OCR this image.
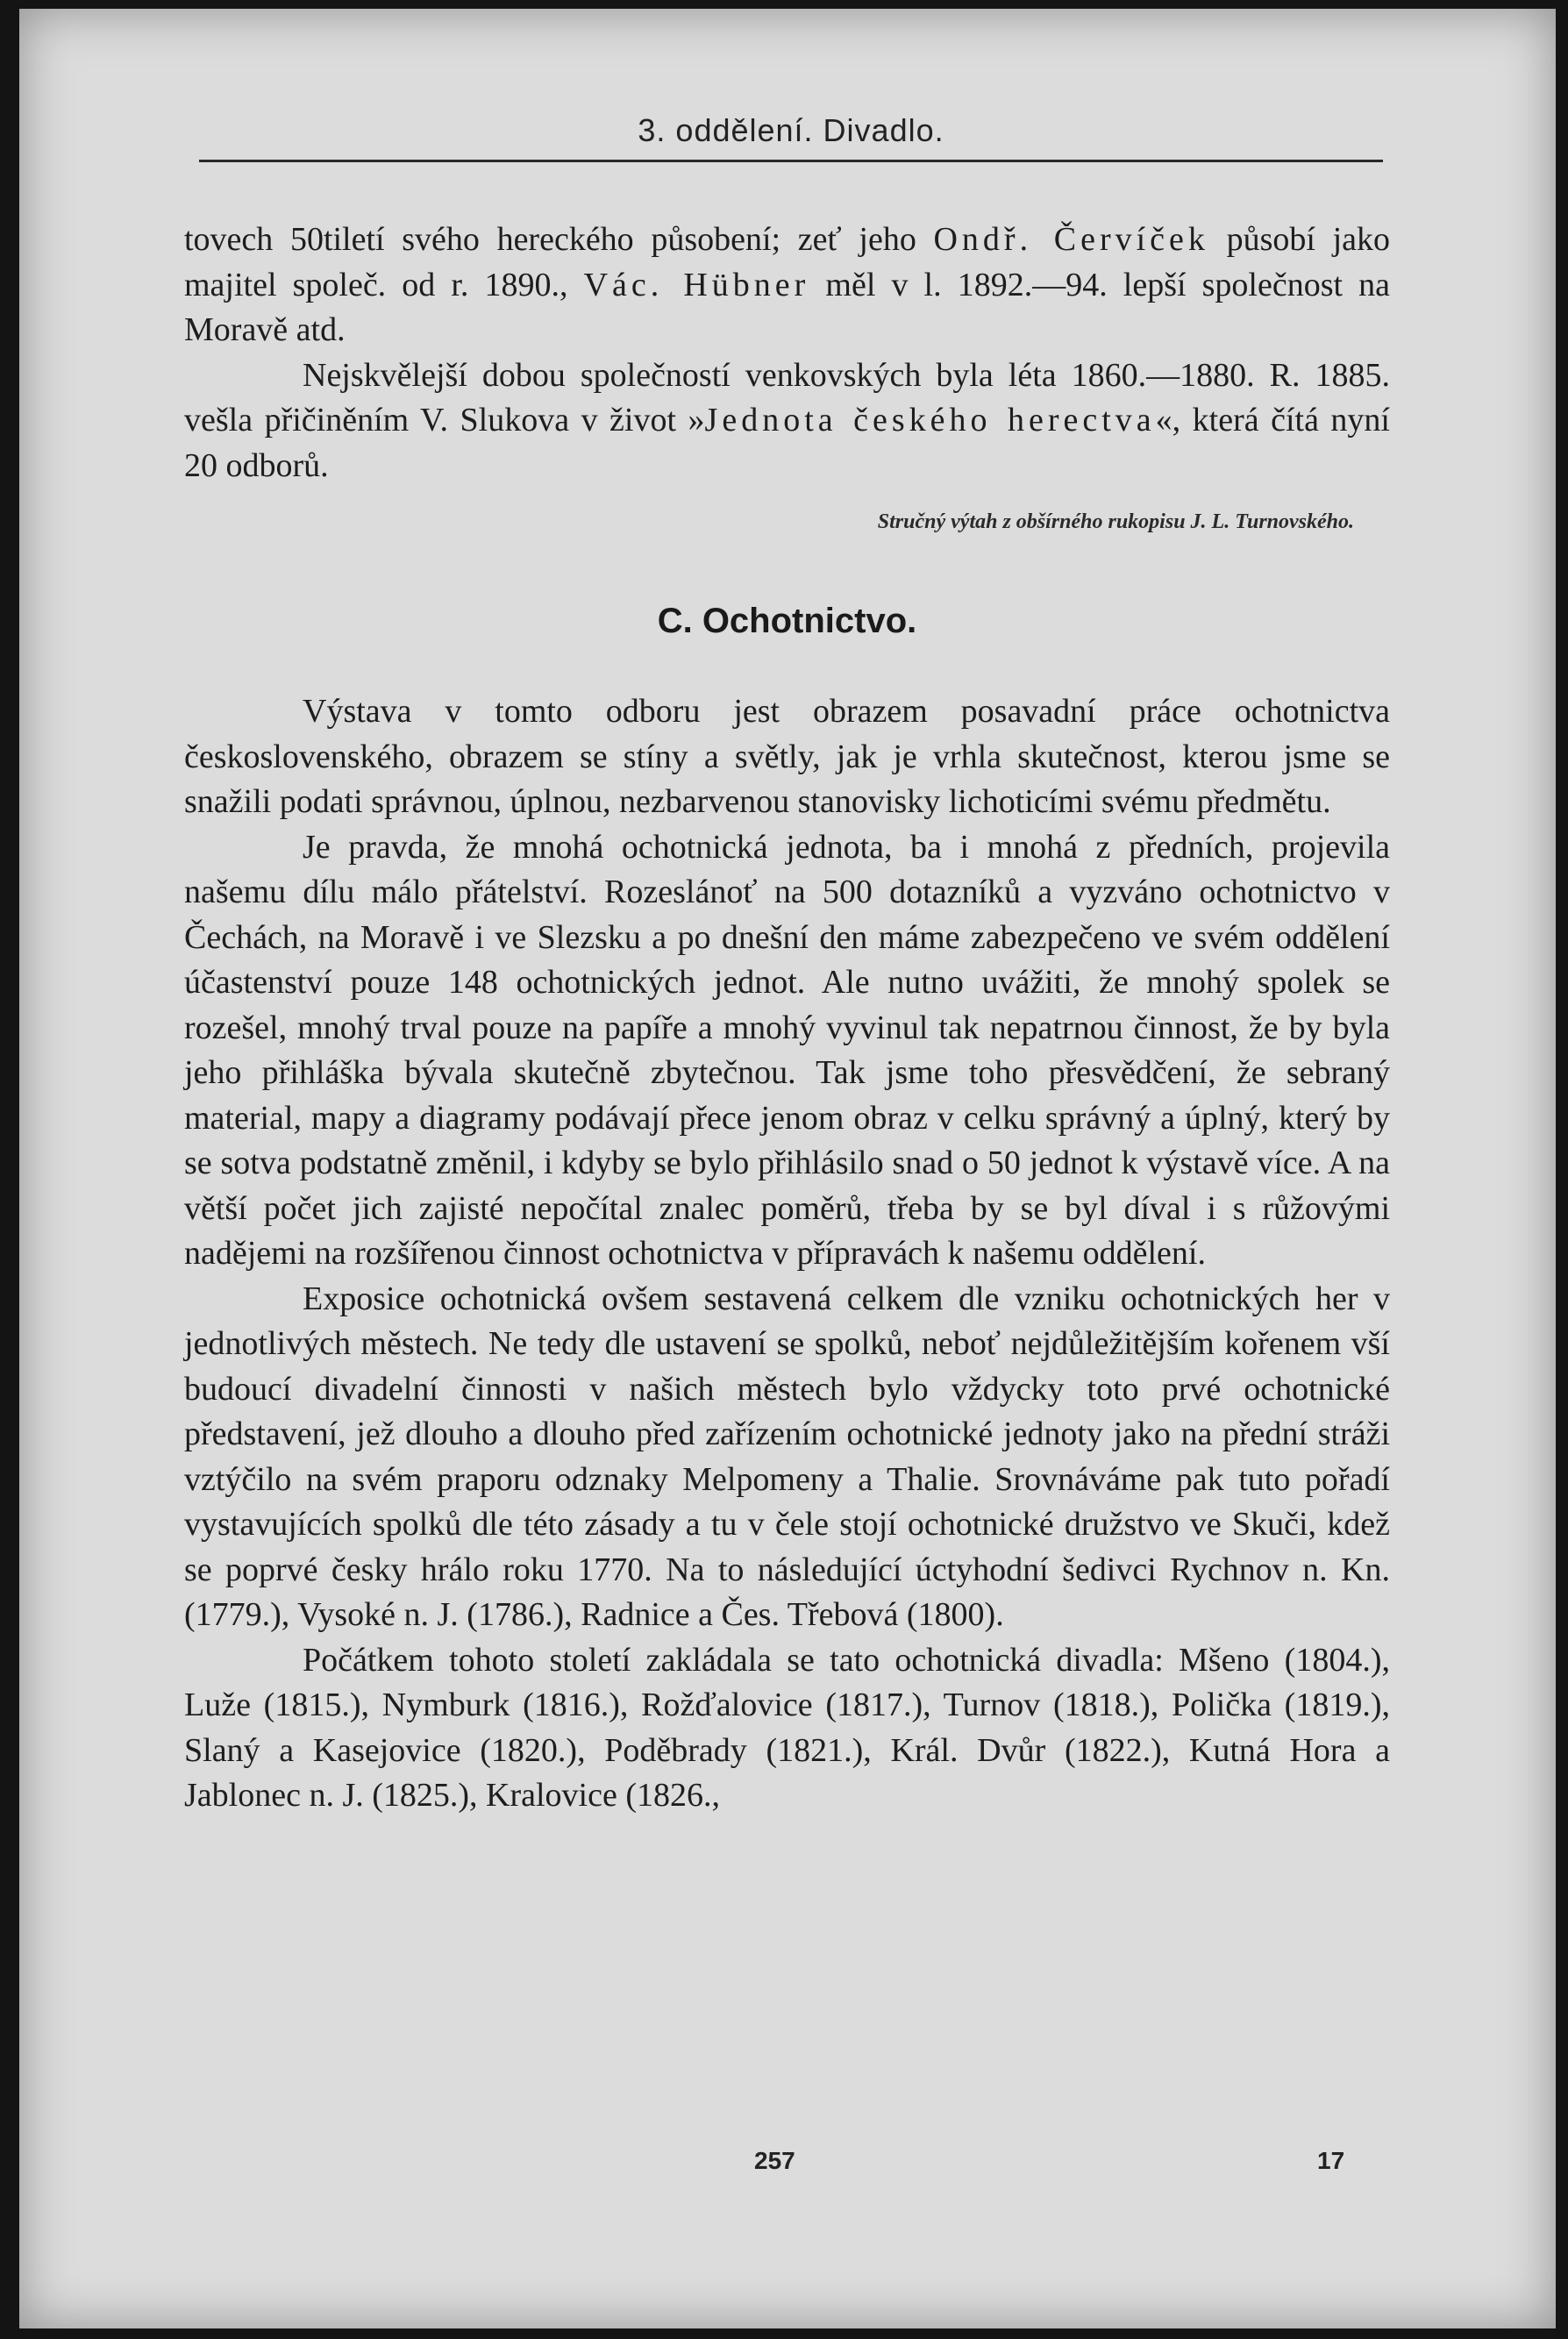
3. oddělení. Divadlo.

tovech 50tiletí svého hereckého působení; zeť jeho Ondř. Červíček působí jako majitel společ. od r. 1890., Vác. Hübner měl v l. 1892.—94. lepší společnost na Moravě atd.

Nejskvělejší dobou společností venkovských byla léta 1860.—1880. R. 1885. vešla přičiněním V. Slukova v život »Jednota českého herectva«, která čítá nyní 20 odborů.

Stručný výtah z obšírného rukopisu J. L. Turnovského.
C. Ochotnictvo.

Výstava v tomto odboru jest obrazem posavadní práce ochotnictva československého, obrazem se stíny a světly, jak je vrhla skutečnost, kterou jsme se snažili podati správnou, úplnou, nezbarvenou stanovisky lichoticími svému předmětu.

Je pravda, že mnohá ochotnická jednota, ba i mnohá z předních, projevila našemu dílu málo přátelství. Rozeslánoť na 500 dotazníků a vyzváno ochotnictvo v Čechách, na Moravě i ve Slezsku a po dnešní den máme zabezpečeno ve svém oddělení účastenství pouze 148 ochotnických jednot. Ale nutno uvážiti, že mnohý spolek se rozešel, mnohý trval pouze na papíře a mnohý vyvinul tak nepatrnou činnost, že by byla jeho přihláška bývala skutečně zbytečnou. Tak jsme toho přesvědčení, že sebraný material, mapy a diagramy podávají přece jenom obraz v celku správný a úplný, který by se sotva podstatně změnil, i kdyby se bylo přihlásilo snad o 50 jednot k výstavě více. A na větší počet jich zajisté nepočítal znalec poměrů, třeba by se byl díval i s růžovými nadějemi na rozšířenou činnost ochotnictva v přípravách k našemu oddělení.

Exposice ochotnická ovšem sestavená celkem dle vzniku ochotnických her v jednotlivých městech. Ne tedy dle ustavení se spolků, neboť nejdůležitějším kořenem vší budoucí divadelní činnosti v našich městech bylo vždycky toto prvé ochotnické představení, jež dlouho a dlouho před zařízením ochotnické jednoty jako na přední stráži vztýčilo na svém praporu odznaky Melpomeny a Thalie. Srovnáváme pak tuto pořadí vystavujících spolků dle této zásady a tu v čele stojí ochotnické družstvo ve Skuči, kdež se poprvé česky hrálo roku 1770. Na to následující úctyhodní šedivci Rychnov n. Kn. (1779.), Vysoké n. J. (1786.), Radnice a Čes. Třebová (1800).

Počátkem tohoto století zakládala se tato ochotnická divadla: Mšeno (1804.), Luže (1815.), Nymburk (1816.), Rožďalovice (1817.), Turnov (1818.), Polička (1819.), Slaný a Kasejovice (1820.), Poděbrady (1821.), Král. Dvůr (1822.), Kutná Hora a Jablonec n. J. (1825.), Kralovice (1826.,

257	17
